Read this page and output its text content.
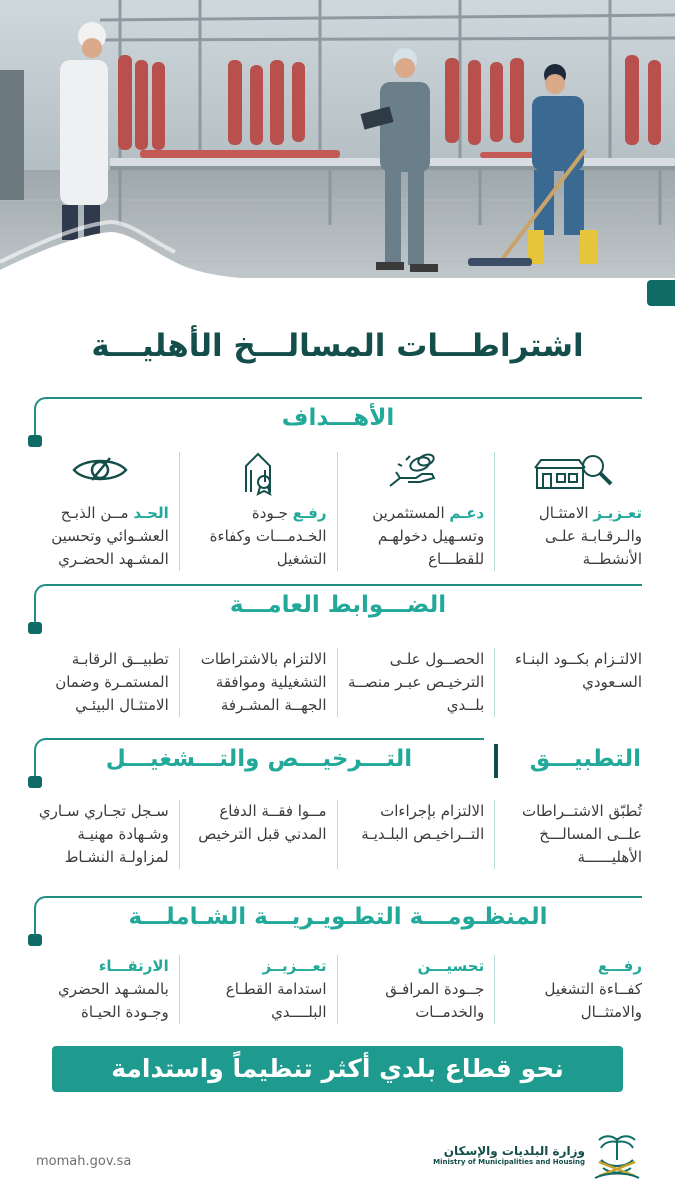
اشتراطـــات المسالـــخ الأهليـــة
الأهـــداف
تعـزيـز الامتثـال والـرقـابـة علـى الأنشطــة
دعـم المستثمرين وتسـهيل دخولهـم للقطـــاع
رفـع جـودة الخـدمـــات وكفاءة التشغيل
الحـد مــن الذبـح العشـوائي وتحسين المشـهد الحضـري
الضـــوابط العامـــة
الالتـزام بكــود البنـاء السـعودي
الحصــول علـى الترخيـص عبـر منصــة بلــدي
الالتزام بالاشتراطات التشغيلية وموافقة الجهــة المشـرفة
تطبيــق الرقابـة المستمـرة وضمان الامتثـال البيئـي
التـــرخيـــص والتـــشغيـــل	التطبيـــق
تُطبّق الاشتــراطات علــى المسالـــخ الأهليــــــة
الالتزام بإجراءات التــراخيـص البلـديـة
مــوا فقــة الدفاع المدني قبل الترخيص
سـجل تجـاري سـاري وشـهادة مهنيـة لمزاولـة النشـاط
المنظـومـــة التطـويـريـــة الشـاملـــة
رفـــع
كفــاءة التشغيل والامتثــال
تحسيـــن
جــودة المرافـق والخدمــات
تعـــزيــز
استدامة القطـاع البلــــدي
الارتقـــاء
بالمشـهد الحضري وجـودة الحيـاة
نحو قطاع بلدي أكثر تنظيماً واستدامة
momah.gov.sa
وزارة البلديات والإسكان
Ministry of Municipalities and Housing
